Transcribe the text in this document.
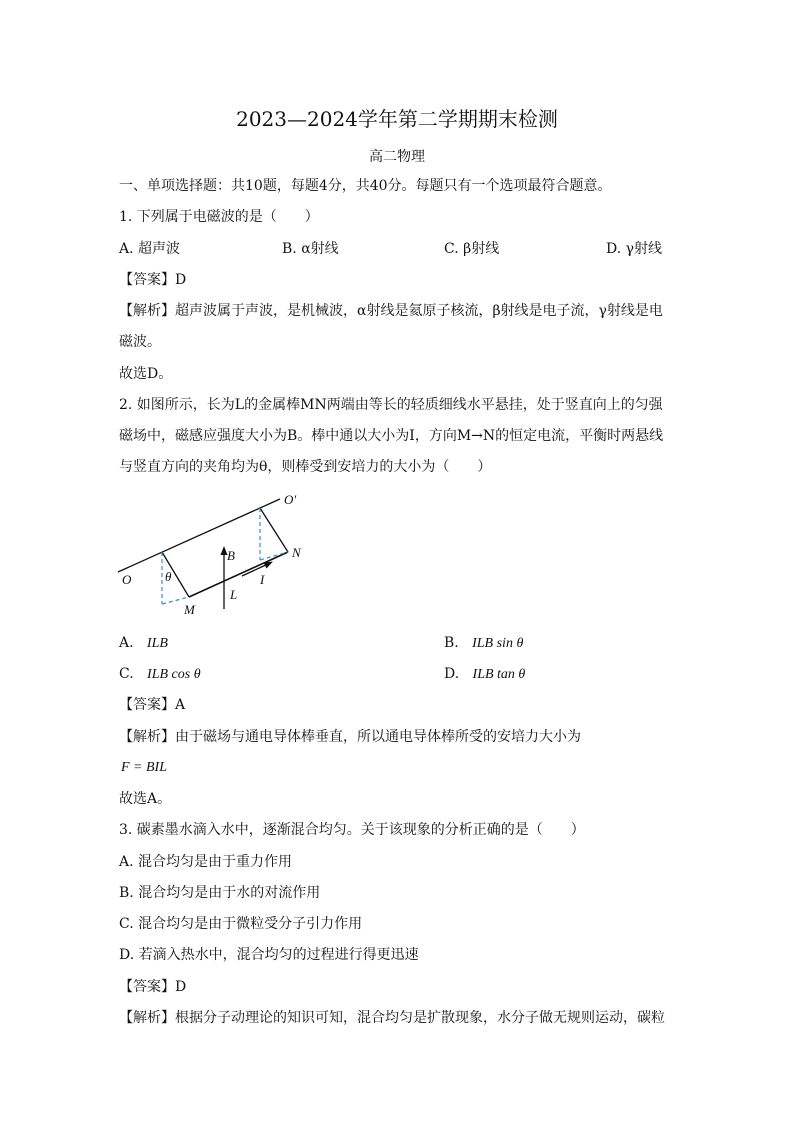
2023—2024学年第二学期期末检测
高二物理
一、单项选择题：共10题，每题4分，共40分。每题只有一个选项最符合题意。
1. 下列属于电磁波的是（　　）
A. 超声波	B. α射线	C. β射线	D. γ射线
【答案】D
【解析】超声波属于声波，是机械波，α射线是氦原子核流，β射线是电子流，γ射线是电
磁波。
故选D。
2. 如图所示，长为L的金属棒MN两端由等长的轻质细线水平悬挂，处于竖直向上的匀强
磁场中，磁感应强度大小为B。棒中通以大小为I，方向M→N的恒定电流，平衡时两悬线
与竖直方向的夹角均为θ，则棒受到安培力的大小为（　　）
O
O′
N
M
B
I
L
θ
A. ILB	B. ILB sin θ
C. ILB cos θ	D. ILB tan θ
【答案】A
【解析】由于磁场与通电导体棒垂直，所以通电导体棒所受的安培力大小为
F = BIL
故选A。
3. 碳素墨水滴入水中，逐渐混合均匀。关于该现象的分析正确的是（　　）
A. 混合均匀是由于重力作用
B. 混合均匀是由于水的对流作用
C. 混合均匀是由于微粒受分子引力作用
D. 若滴入热水中，混合均匀的过程进行得更迅速
【答案】D
【解析】根据分子动理论的知识可知，混合均匀是扩散现象，水分子做无规则运动，碳粒
